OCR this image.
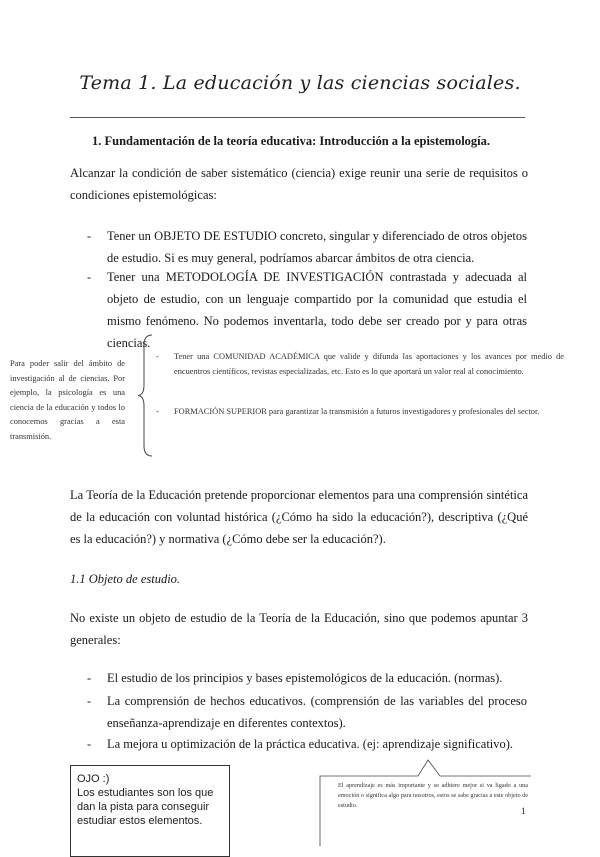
Tema 1. La educación y las ciencias sociales.
1. Fundamentación de la teoría educativa: Introducción a la epistemología.
Alcanzar la condición de saber sistemático (ciencia) exige reunir una serie de requisitos o condiciones epistemológicas:
- Tener un OBJETO DE ESTUDIO concreto, singular y diferenciado de otros objetos de estudio. Si es muy general, podríamos abarcar ámbitos de otra ciencia.
- Tener una METODOLOGÍA DE INVESTIGACIÓN contrastada y adecuada al objeto de estudio, con un lenguaje compartido por la comunidad que estudia el mismo fenómeno. No podemos inventarla, todo debe ser creado por y para otras ciencias.
Para poder salir del ámbito de investigación al de ciencias. Por ejemplo, la psicología es una ciencia de la educación y todos lo conocemos gracias a esta transmisión.
- Tener una COMUNIDAD ACADÉMICA que valide y difunda las aportaciones y los avances por medio de encuentros científicos, revistas especializadas, etc. Esto es lo que aportará un valor real al conocimiento.
- FORMACIÓN SUPERIOR para garantizar la transmisión a futuros investigadores y profesionales del sector.
La Teoría de la Educación pretende proporcionar elementos para una comprensión sintética de la educación con voluntad histórica (¿Cómo ha sido la educación?), descriptiva (¿Qué es la educación?) y normativa (¿Cómo debe ser la educación?).
1.1 Objeto de estudio.
No existe un objeto de estudio de la Teoría de la Educación, sino que podemos apuntar 3 generales:
- El estudio de los principios y bases epistemológicos de la educación. (normas).
- La comprensión de hechos educativos. (comprensión de las variables del proceso enseñanza-aprendizaje en diferentes contextos).
- La mejora u optimización de la práctica educativa. (ej: aprendizaje significativo).
OJO :)
Los estudiantes son los que dan la pista para conseguir estudiar estos elementos.
El aprendizaje es más importante y se adhiere mejor si va ligado a una emoción o significa algo para nosotros, estos se sabe gracias a este objeto de estudio.
1
